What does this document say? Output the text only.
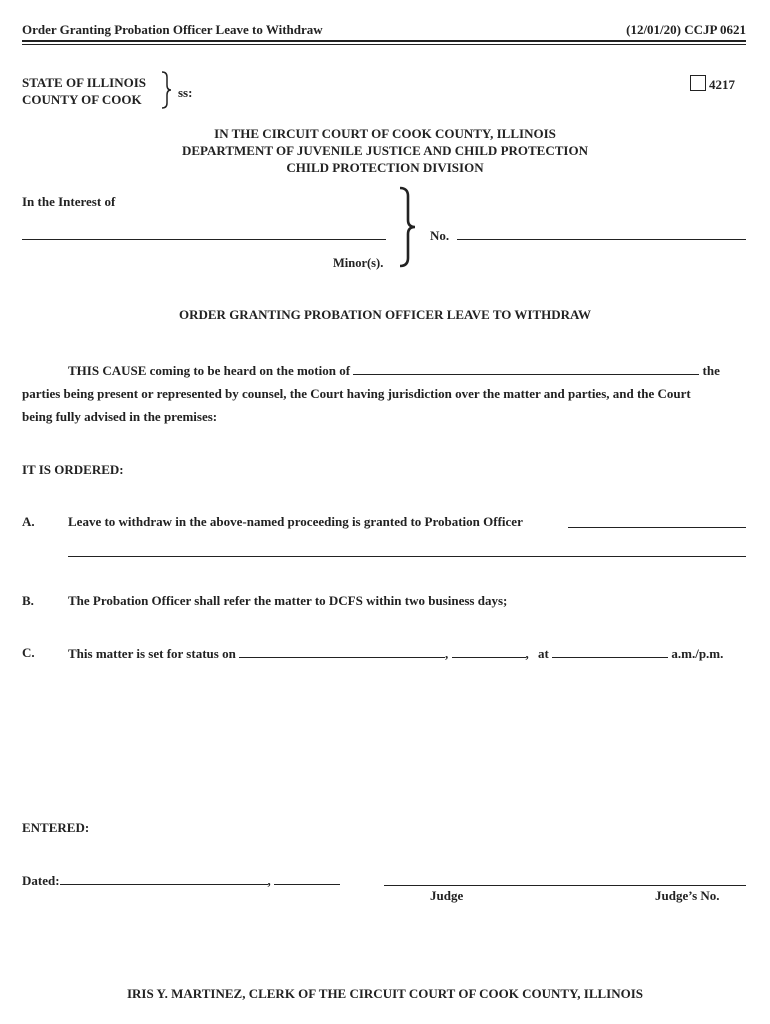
Order Granting Probation Officer Leave to Withdraw	(12/01/20) CCJP 0621
STATE OF ILLINOIS
COUNTY OF COOK	ss:
4217
IN THE CIRCUIT COURT OF COOK COUNTY, ILLINOIS
DEPARTMENT OF JUVENILE JUSTICE AND CHILD PROTECTION
CHILD PROTECTION DIVISION
In the Interest of
Minor(s).
No.
ORDER GRANTING PROBATION OFFICER LEAVE TO WITHDRAW
THIS CAUSE coming to be heard on the motion of	the
parties being present or represented by counsel, the Court having jurisdiction over the matter and parties, and the Court
being fully advised in the premises:
IT IS ORDERED:
A.	Leave to withdraw in the above-named proceeding is granted to Probation Officer
B.	The Probation Officer shall refer the matter to DCFS within two business days;
C.	This matter is set for status on	,	, at	a.m./p.m.
ENTERED:
Dated:	,
Judge	Judge’s No.
IRIS Y. MARTINEZ, CLERK OF THE CIRCUIT COURT OF COOK COUNTY, ILLINOIS
